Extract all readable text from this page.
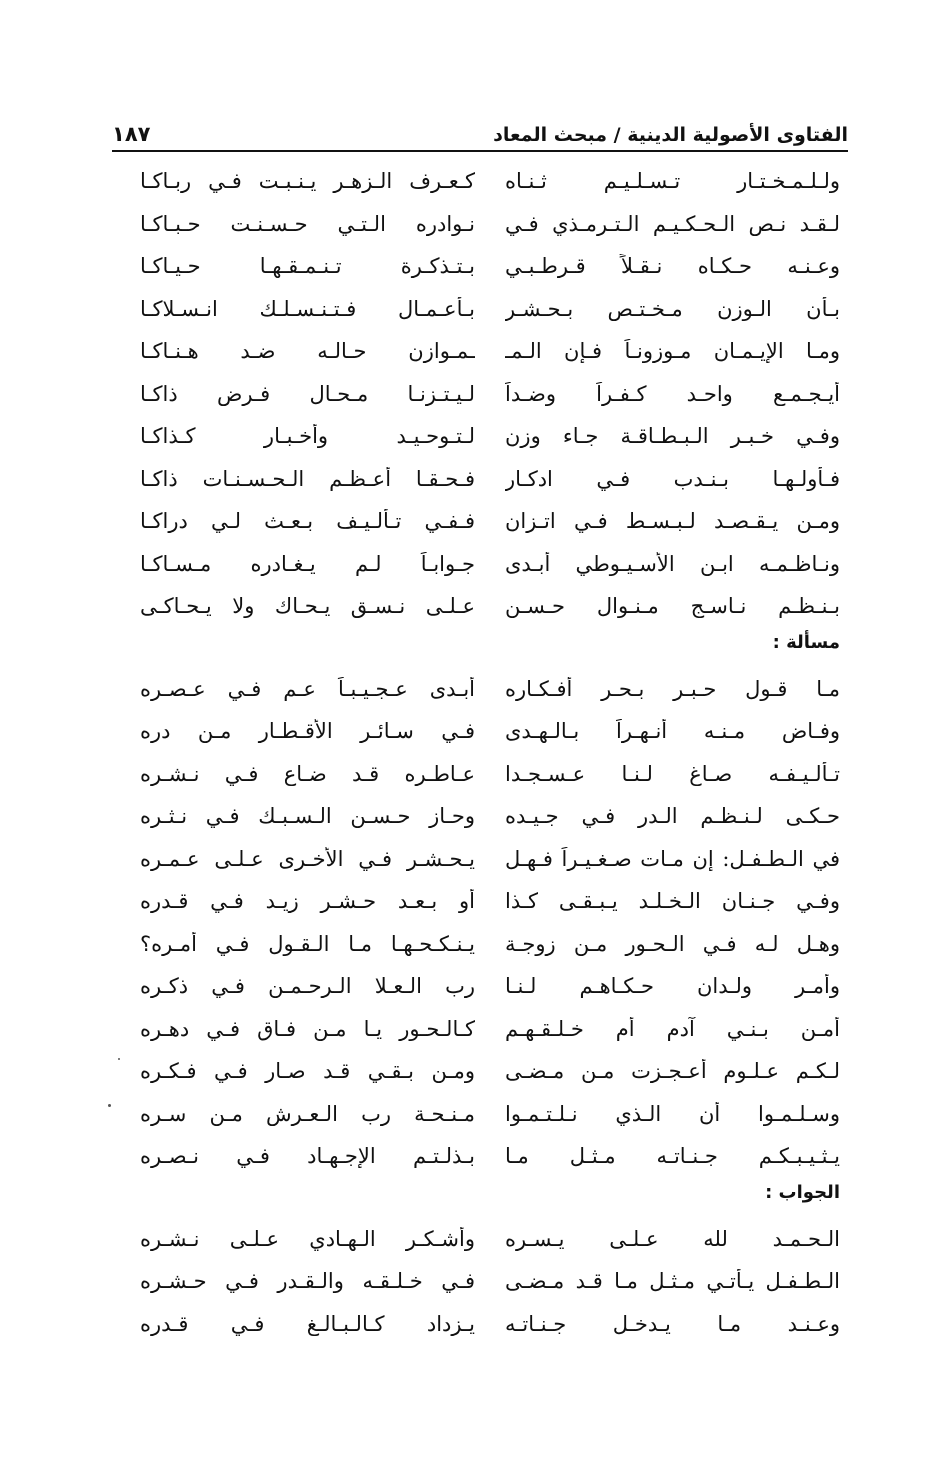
الفتاوى الأصولية الدينية / مبحث المعاد
١٨٧
ولـلـمـخـتـار تـسـلـيـم ثـنـاه
كـعـرف الـزهـر يـنـبـت فـي ربـاكـا
لـقـد نـص الـحـكـيـم الـتـرمـذي فـي
نـوادره الـتـي حـسـنـت حـبـاكـا
وعـنـه حـكـاه نـقـلاً قـرطـبـي
بـتـذكـرة تـنـمـقـهـا حـيـاكـا
بـأن الـوزن مـخـتـص بـحـشـر
بـأعـمـال فـتـنـسـلـك انـسـلاكـا
ومـا الإيـمـان مـوزونـاً فـإن الـمـ
ـمـوازن حـالـه ضـد هـنـاكـا
أيـجـمـع واحـد كـفـراً وضـداً
لـيـتـزنـا مـحـال فـرض ذاكـا
وفـي خـبـر الـبـطـاقـة جـاء وزن
لـتـوحـيـد وأخـبـار كـذاكـا
فـأولـهـا بـنـدب فـي ادكـار
فـحـقـا أعـظـم الـحـسـنـات ذاكـا
ومـن يـقـصـد لـبـسـط فـي اتـزان
فـفـي تـألـيـف بـعـث لـي دراكـا
ونـاظـمـه ابـن الأسـيـوطي أبـدى
جـوابـاً لـم يـغـادره مـسـاكـا
بـنـظـم نـاسـج مـنـوال حـسـن
عـلـى نـسـق يـحـاك ولا يـحـاكـى
مسألة :
مـا قـول حـبـر بـحـر أفـكـاره
أبـدى عـجـيـبـاً عـم فـي عـصـره
وفـاض مـنـه أنـهـراً بـالـهـدى
فـي سـائـر الأقـطـار مـن دره
تـألـيـفـه صـاغ لـنـا عـسـجـدا
عـاطـره قـد ضـاع فـي نـشـره
حـكـى لـنـظـم الـدر فـي جـيـده
وحـاز حـسـن الـسـبـك فـي نـثـره
في الـطـفـل: إن مـات صـغـيـراً فـهـل
يـحـشـر فـي الأخـرى عـلـى عـمـره
وفـي جـنـان الـخـلـد يـبـقـى كـذا
أو بـعـد حـشـر زيـد فـي قـدره
وهـل لـه فـي الـحـور مـن زوجـة
يـنـكـحـهـا مـا الـقـول فـي أمـره؟
وأمـر ولـدان حـكـاهـم لـنـا
رب الـعـلا الـرحـمـن فـي ذكـره
أمـن بـنـي آدم أم خـلـقـهـم
كـالـحـور يـا مـن فـاق فـي دهـره
لـكـم عـلـوم أعـجـزت مـن مـضـى
ومـن بـقـي قـد صـار فـي فـكـره
وسـلـمـوا أن الـذي نـلـتـمـوا
مـنـحـة رب الـعـرش مـن سـره
يـثـيـبـكـم جـنـاتـه مـثـل مـا
بـذلـتـم الإجـهـاد فـي نـصـره
الجواب :
الـحـمـد لله عـلـى يـسـره
وأشـكـر الـهـادي عـلـى نـشـره
الـطـفـل يـأتـي مـثـل مـا قـد مـضـى
فـي خـلـقـه والـقـدر فـي حـشـره
وعـنـد مـا يـدخـل جـنـاتـه
يـزداد كـالـبـالـغ فـي قـدره
